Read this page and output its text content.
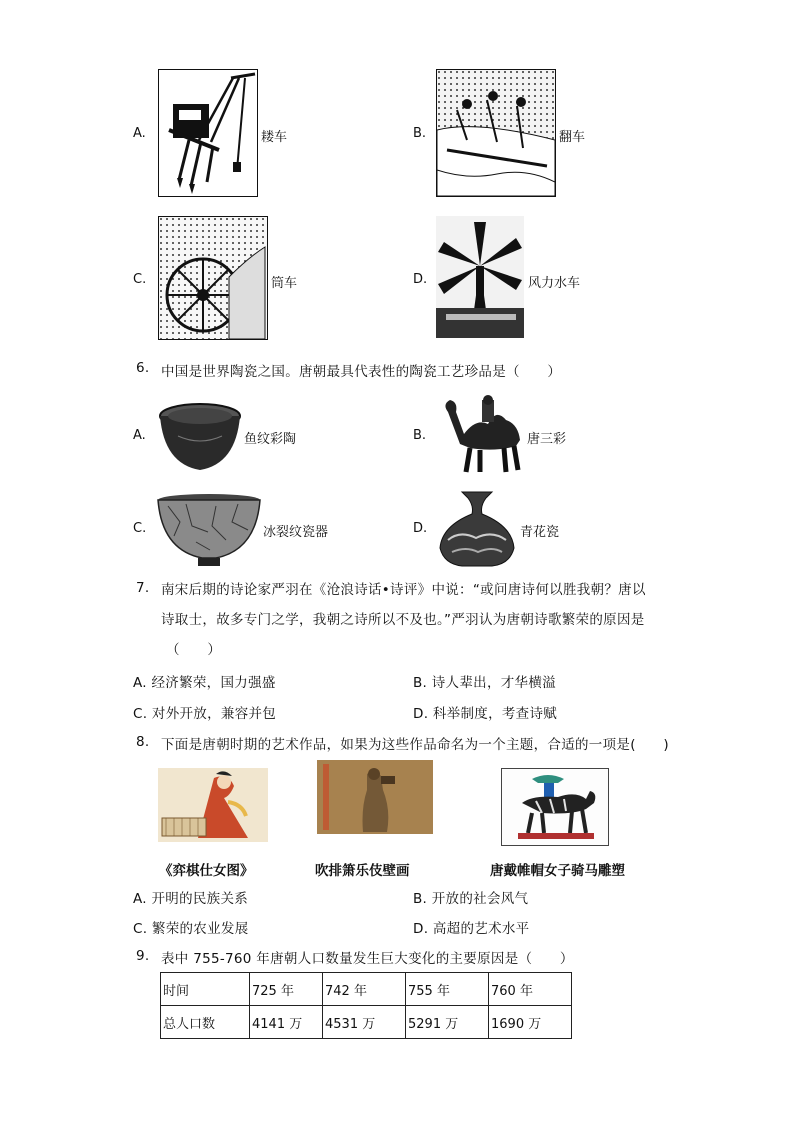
A.	耧车	B.	翻车
C.	筒车	D.	风力水车
6. 中国是世界陶瓷之国。唐朝最具代表性的陶瓷工艺珍品是（　　）
A.	鱼纹彩陶	B.	唐三彩
C.	冰裂纹瓷器	D.	青花瓷
7. 南宋后期的诗论家严羽在《沧浪诗话•诗评》中说：“或问唐诗何以胜我朝？唐以
诗取士，故多专门之学，我朝之诗所以不及也。”严羽认为唐朝诗歌繁荣的原因是
（　　）
A. 经济繁荣，国力强盛	B. 诗人辈出，才华横溢
C. 对外开放，兼容并包	D. 科举制度，考查诗赋
8. 下面是唐朝时期的艺术作品，如果为这些作品命名为一个主题，合适的一项是(　　)
《弈棋仕女图》	吹排箫乐伎壁画	唐戴帷帽女子骑马雕塑
A. 开明的民族关系	B. 开放的社会风气
C. 繁荣的农业发展	D. 高超的艺术水平
9. 表中 755-760 年唐朝人口数量发生巨大变化的主要原因是（　　）
时间	725 年	742 年	755 年	760 年
总人口数	4141 万	4531 万	5291 万	1690 万
